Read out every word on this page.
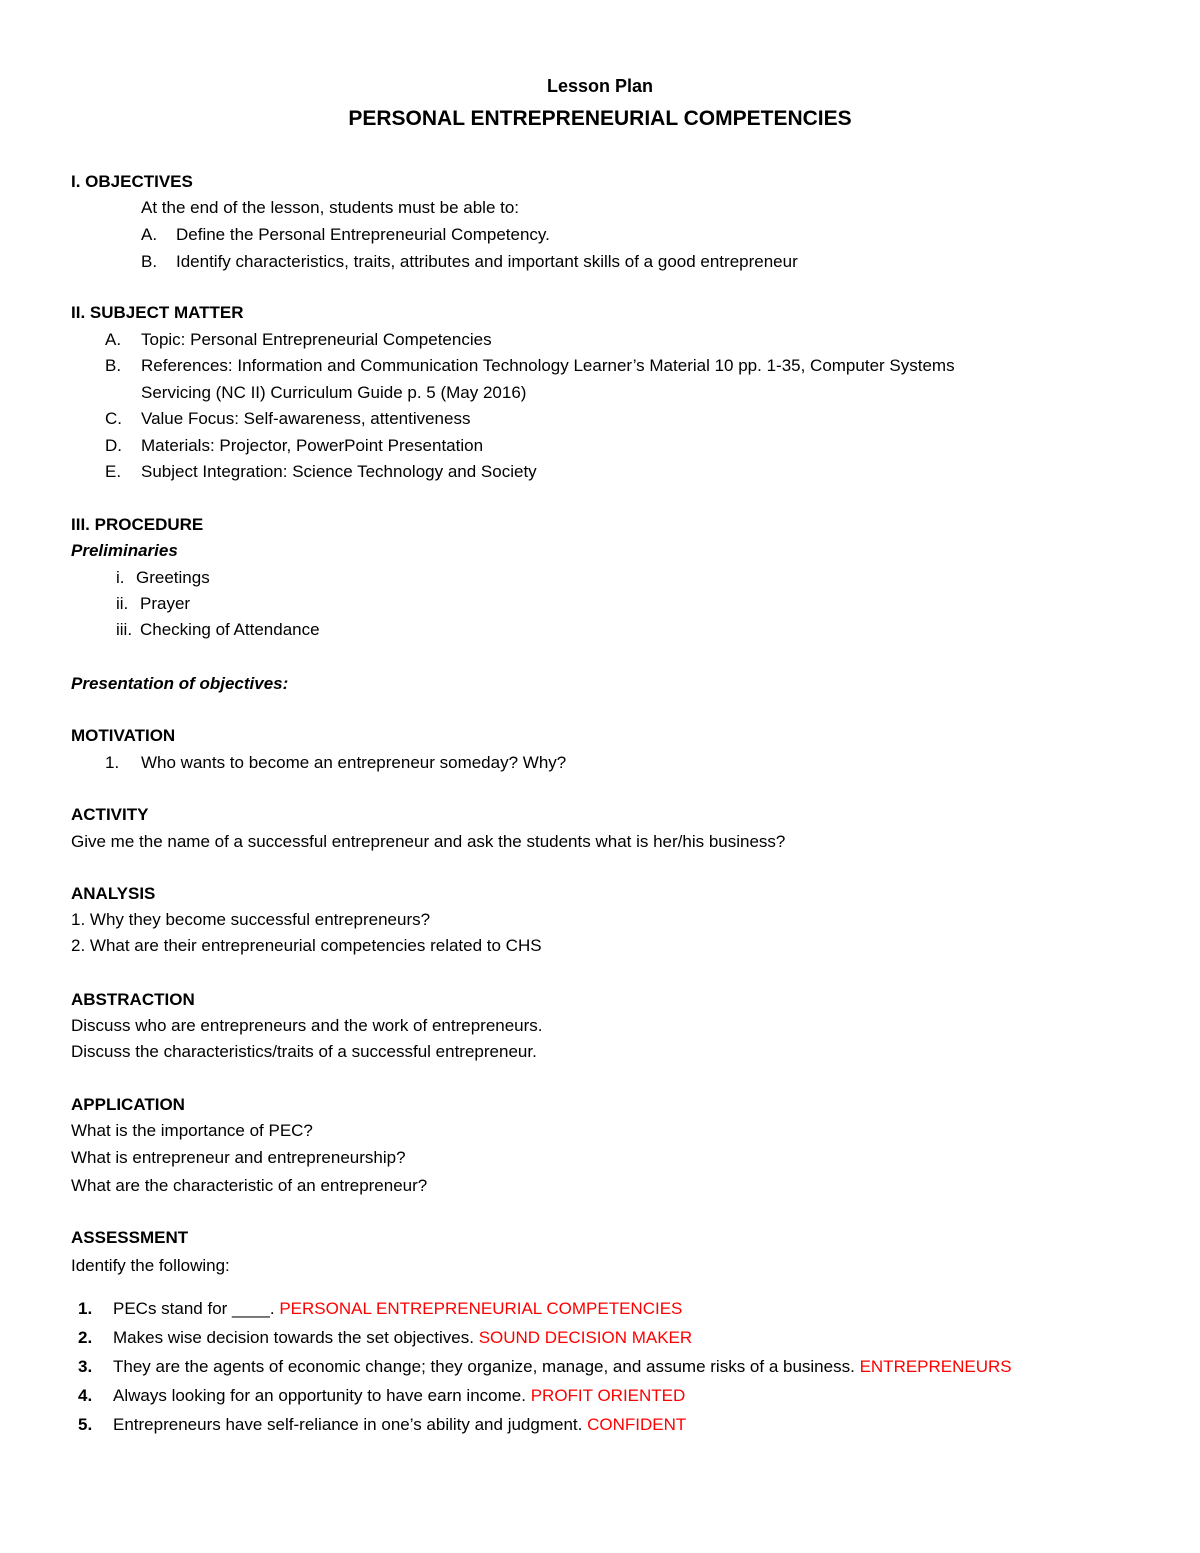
Lesson Plan
PERSONAL ENTREPRENEURIAL COMPETENCIES
I. OBJECTIVES
At the end of the lesson, students must be able to:
A. Define the Personal Entrepreneurial Competency.
B. Identify characteristics, traits, attributes and important skills of a good entrepreneur
II. SUBJECT MATTER
A. Topic: Personal Entrepreneurial Competencies
B. References: Information and Communication Technology Learner’s Material 10 pp. 1-35, Computer Systems
Servicing (NC II) Curriculum Guide p. 5 (May 2016)
C. Value Focus: Self-awareness, attentiveness
D. Materials: Projector, PowerPoint Presentation
E. Subject Integration: Science Technology and Society
III. PROCEDURE
Preliminaries
i. Greetings
ii. Prayer
iii. Checking of Attendance
Presentation of objectives:
MOTIVATION
1. Who wants to become an entrepreneur someday? Why?
ACTIVITY
Give me the name of a successful entrepreneur and ask the students what is her/his business?
ANALYSIS
1. Why they become successful entrepreneurs?
2. What are their entrepreneurial competencies related to CHS
ABSTRACTION
Discuss who are entrepreneurs and the work of entrepreneurs.
Discuss the characteristics/traits of a successful entrepreneur.
APPLICATION
What is the importance of PEC?
What is entrepreneur and entrepreneurship?
What are the characteristic of an entrepreneur?
ASSESSMENT
Identify the following:
1. PECs stand for ____. PERSONAL ENTREPRENEURIAL COMPETENCIES
2. Makes wise decision towards the set objectives. SOUND DECISION MAKER
3. They are the agents of economic change; they organize, manage, and assume risks of a business. ENTREPRENEURS
4. Always looking for an opportunity to have earn income. PROFIT ORIENTED
5. Entrepreneurs have self-reliance in one’s ability and judgment. CONFIDENT
